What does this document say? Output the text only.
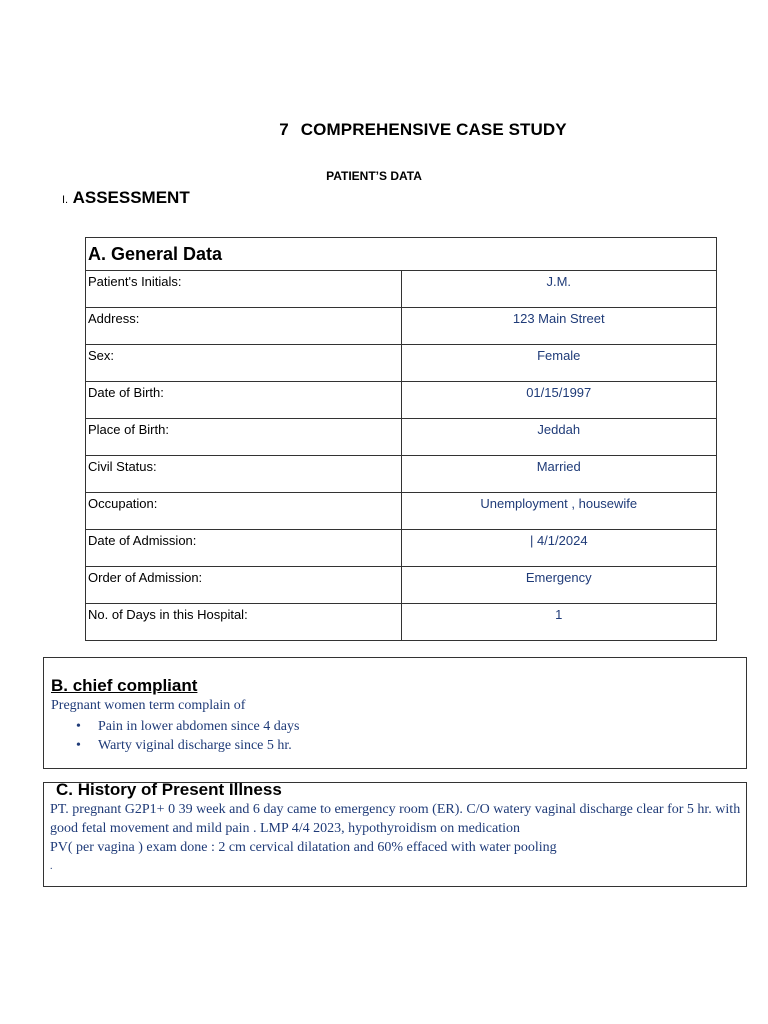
7 COMPREHENSIVE CASE STUDY
PATIENT’S DATA
I. ASSESSMENT
A. General Data	
Patient's Initials:	J.M.
Address:	123 Main Street
Sex:	Female
Date of Birth:	01/15/1997
Place of Birth:	Jeddah
Civil Status:	Married
Occupation:	Unemployment , housewife
Date of Admission:	| 4/1/2024
Order of Admission:	Emergency
No. of Days in this Hospital:	1
B. chief compliant
Pregnant women term complain of
• Pain in lower abdomen since 4 days
• Warty viginal discharge since 5 hr.
C. History of Present Illness

PT. pregnant G2P1+ 0 39 week and 6 day came to emergency room (ER). C/O watery vaginal discharge clear for 5 hr. with good fetal movement and mild pain . LMP 4/4 2023, hypothyroidism on medication

PV( per vagina ) exam done : 2 cm cervical dilatation and 60% effaced with water pooling

.
